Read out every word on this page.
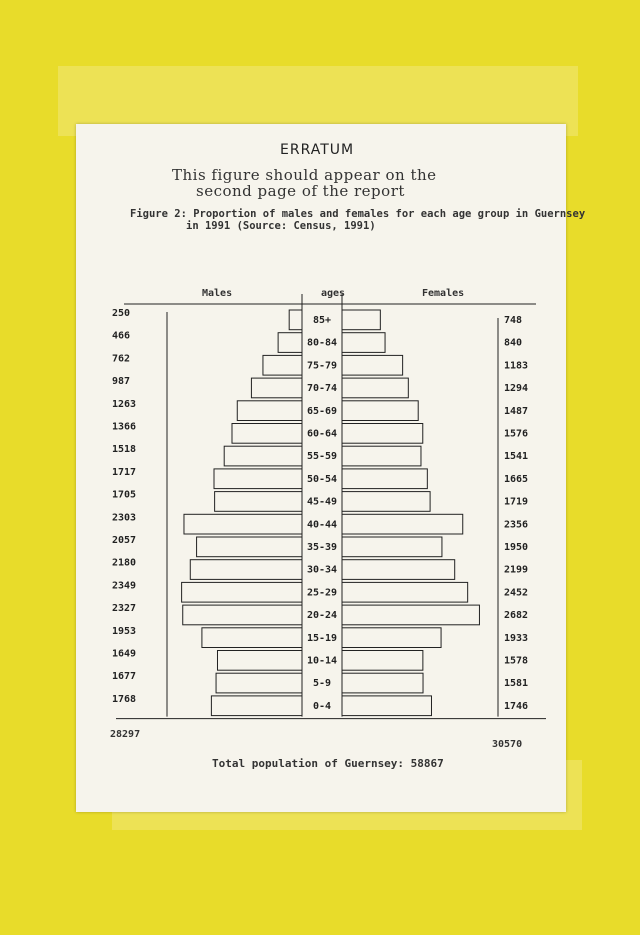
ERRATUM
This figure should appear on the
second page of the report
Figure 2: Proportion of males and females for each age group in Guernsey
in 1991 (Source: Census, 1991)
Males	ages	Females
85+
250
748
80-84
466
840
75-79
762
1183
70-74
987
1294
65-69
1263
1487
60-64
1366
1576
55-59
1518
1541
50-54
1717
1665
45-49
1705
1719
40-44
2303
2356
35-39
2057
1950
30-34
2180
2199
25-29
2349
2452
20-24
2327
2682
15-19
1953
1933
10-14
1649
1578
5-9
1677
1581
0-4
1768
1746
28297
30570
Total population of Guernsey: 58867
